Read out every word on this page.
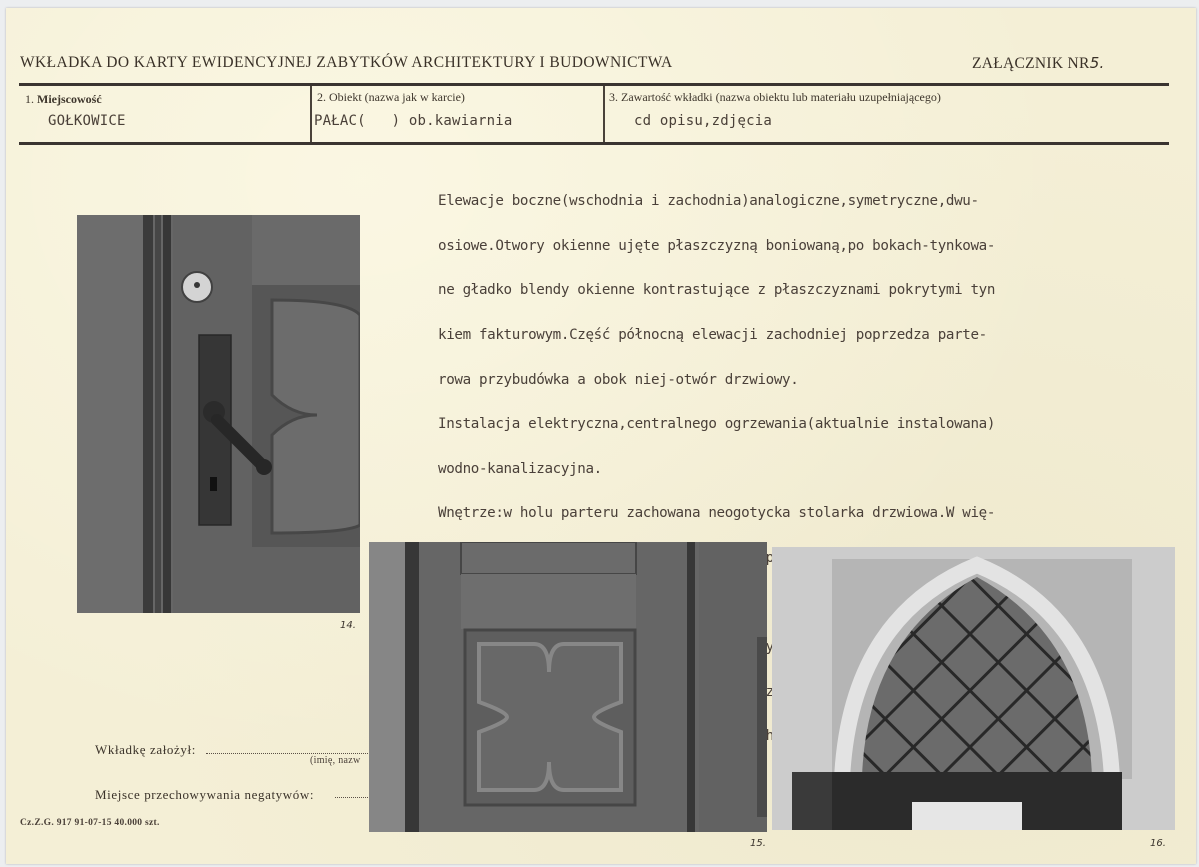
WKŁADKA DO KARTY EWIDENCYJNEJ ZABYTKÓW ARCHITEKTURY I BUDOWNICTWA	ZAŁĄCZNIK NR5.
1. Miejscowość
GOŁKOWICE
2. Obiekt (nazwa jak w karcie)
PAŁAC(   ) ob.kawiarnia
3. Zawartość wkładki (nazwa obiektu lub materiału uzupełniającego)
cd opisu,zdjęcia

Elewacje boczne(wschodnia i zachodnia)analogiczne,symetryczne,dwu-

osiowe.Otwory okienne ujęte płaszczyzną boniowaną,po bokach-tynkowa-

ne gładko blendy okienne kontrastujące z płaszczyznami pokrytymi tyn

kiem fakturowym.Część północną elewacji zachodniej poprzedza parte-

rowa przybudówka a obok niej-otwór drzwiowy.

Instalacja elektryczna,centralnego ogrzewania(aktualnie instalowana)

wodno-kanalizacyjna.

Wnętrze:w holu parteru zachowana neogotycka stolarka drzwiowa.W wię-

14.
15.	16.
Wkładkę założył:
(imię, nazw
Miejsce przechowywania negatywów:
Cz.Z.G. 917 91-07-15 40.000 szt.
